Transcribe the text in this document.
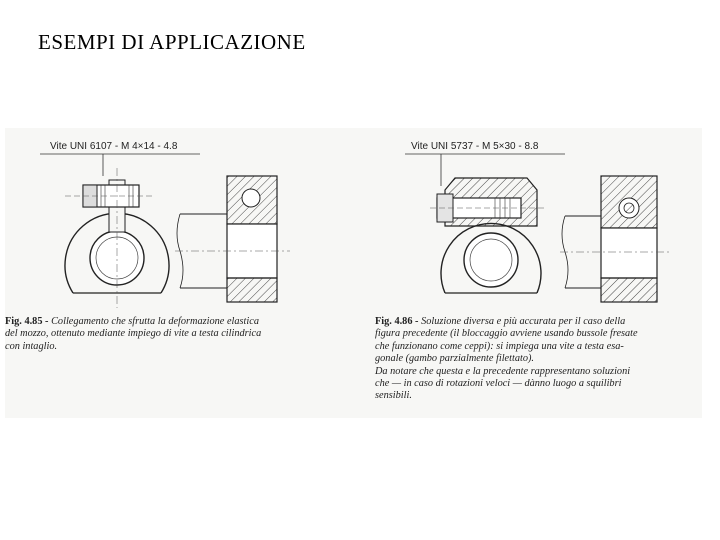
ESEMPI DI APPLICAZIONE
Vite UNI 6107 - M 4×14 - 4.8	Vite UNI 5737 - M 5×30 - 8.8
Fig. 4.85 - Collegamento che sfrutta la deformazione elastica
del mozzo, ottenuto mediante impiego di vite a testa cilindrica
con intaglio.
Fig. 4.86 - Soluzione diversa e più accurata per il caso della
figura precedente (il bloccaggio avviene usando bussole fresate
che funzionano come ceppi): si impiega una vite a testa esa-
gonale (gambo parzialmente filettato).
Da notare che questa e la precedente rappresentano soluzioni
che — in caso di rotazioni veloci — dànno luogo a squilibri
sensibili.
